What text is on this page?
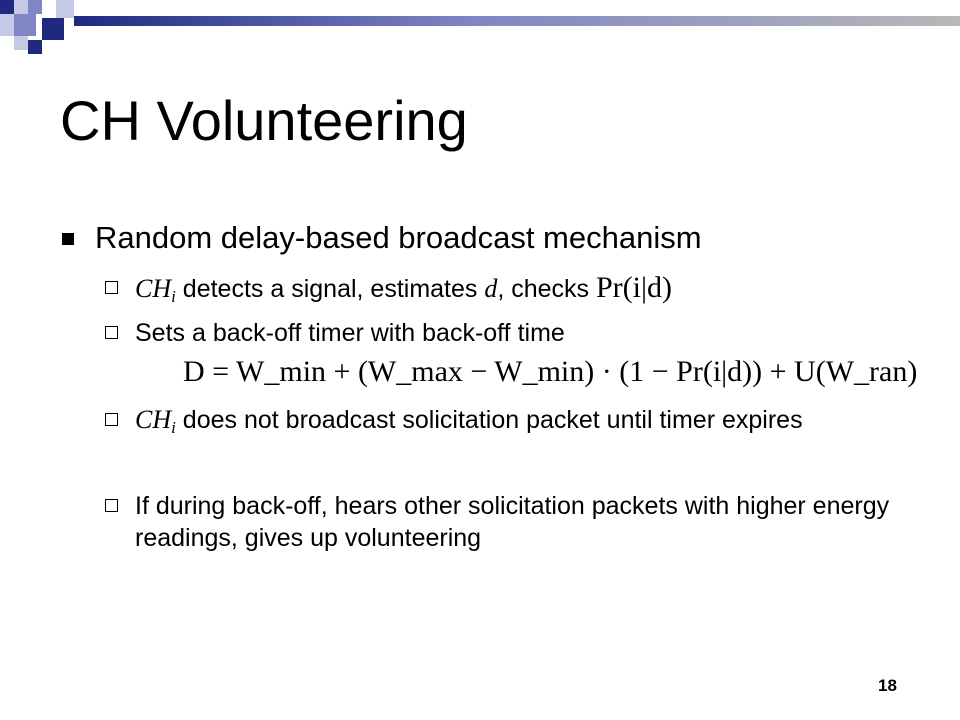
CH Volunteering
Random delay-based broadcast mechanism
$CH_i$ detects a signal, estimates d, checks Pr(i|d)
Sets a back-off timer with back-off time
D = W_min + (W_max − W_min) · (1 − Pr(i|d)) + U(W_ran)
$CH_i$ does not broadcast solicitation packet until timer expires
If during back-off, hears other solicitation packets with higher energy readings, gives up volunteering
18
